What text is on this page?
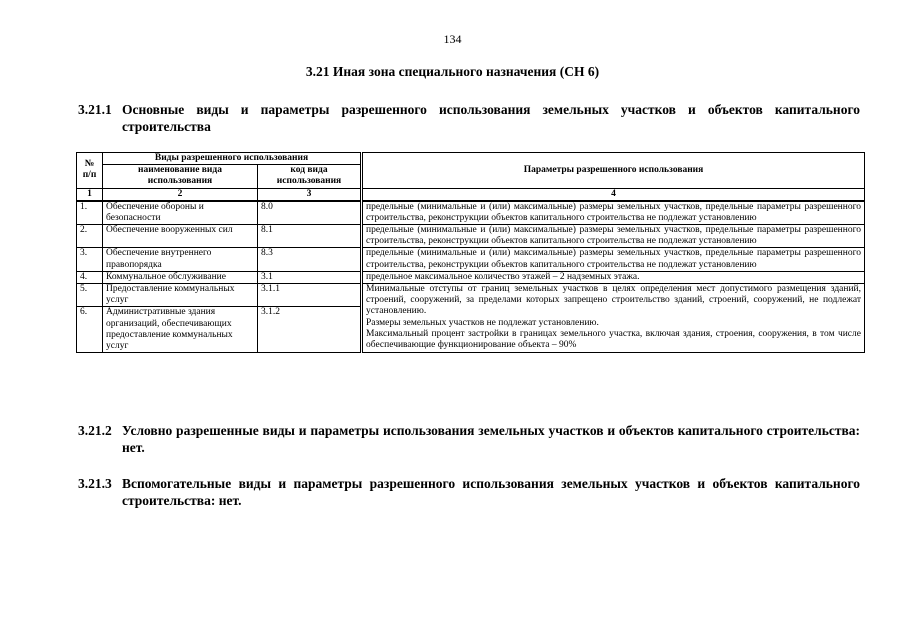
134
3.21 Иная зона специального назначения (СН 6)
3.21.1 Основные виды и параметры разрешенного использования земельных участков и объектов капитального строительства
№ п/п	Виды разрешенного использования		Параметры разрешенного использования
	наименование вида использования	код вида использования	
1	2	3	4
1.	Обеспечение обороны и безопасности	8.0	предельные (минимальные и (или) максимальные) размеры земельных участков, предельные параметры разрешенного строительства, реконструкции объектов капитального строительства не подлежат установлению
2.	Обеспечение вооруженных сил	8.1	предельные (минимальные и (или) максимальные) размеры земельных участков, предельные параметры разрешенного строительства, реконструкции объектов капитального строительства не подлежат установлению
3.	Обеспечение внутреннего правопорядка	8.3	предельные (минимальные и (или) максимальные) размеры земельных участков, предельные параметры разрешенного строительства, реконструкции объектов капитального строительства не подлежат установлению
4.	Коммунальное обслуживание	3.1	предельное максимальное количество этажей – 2 надземных этажа.
5.	Предоставление коммунальных услуг	3.1.1	Минимальные отступы от границ земельных участков в целях определения мест допустимого размещения зданий, строений, сооружений, за пределами которых запрещено строительство зданий, строений, сооружений, не подлежат установлению.
Размеры земельных участков не подлежат установлению.
Максимальный процент застройки в границах земельного участка, включая здания, строения, сооружения, в том числе обеспечивающие функционирование объекта – 90%

6.	Административные здания организаций, обеспечивающих предоставление коммунальных услуг	3.1.2	
3.21.2 Условно разрешенные виды и параметры использования земельных участков и объектов капитального строительства: нет.
3.21.3 Вспомогательные виды и параметры разрешенного использования земельных участков и объектов капитального строительства: нет.
